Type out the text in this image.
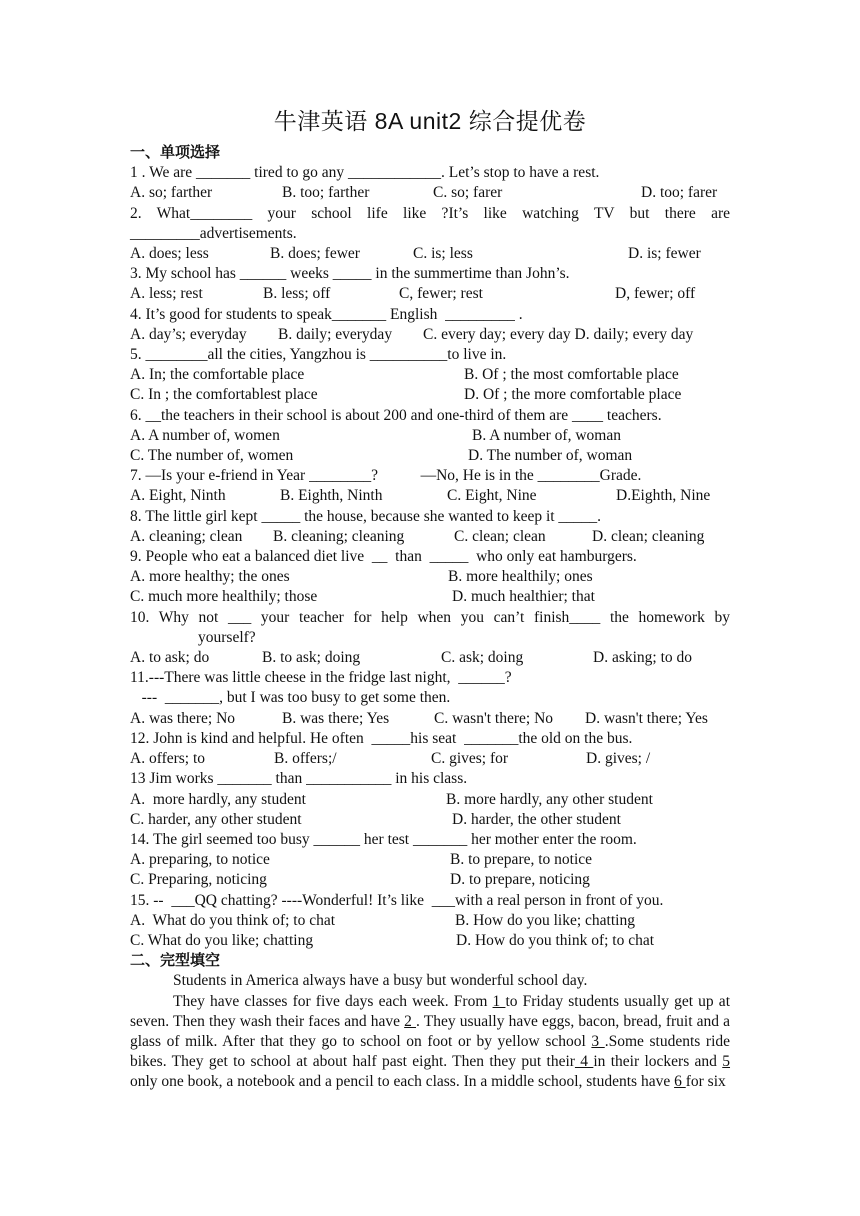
牛津英语 8A unit2 综合提优卷
一、单项选择
1 . We are _______ tired to go any ____________. Let’s stop to have a rest.
A. so; farther	B. too; farther	C. so; farer	D. too; farer
2. What________ your school life like ?It’s like watching TV but there are
_________advertisements.
A. does; less	B. does; fewer	C. is; less	D. is; fewer
3. My school has ______ weeks _____ in the summertime than John’s.
A. less; rest	B. less; off	C, fewer; rest	D, fewer; off
4. It’s good for students to speak_______ English  _________ .
A. day’s; everyday	B. daily; everyday	C. every day; every day D. daily; every day
5. ________all the cities, Yangzhou is __________to live in.
A. In; the comfortable place	B. Of ; the most comfortable place
C. In ; the comfortablest place	D. Of ; the more comfortable place
6. __the teachers in their school is about 200 and one-third of them are ____ teachers.
A. A number of, women	B. A number of, woman
C. The number of, women	D. The number of, woman
7. —Is your e-friend in Year ________?           —No, He is in the ________Grade.
A. Eight, Ninth	B. Eighth, Ninth	C. Eight, Nine	D.Eighth, Nine
8. The little girl kept _____ the house, because she wanted to keep it _____.
A. cleaning; clean	B. cleaning; cleaning	C. clean; clean	D. clean; cleaning
9. People who eat a balanced diet live  __  than  _____  who only eat hamburgers.
A. more healthy; the ones	B. more healthily; ones
C. much more healthily; those	D. much healthier; that
10. Why not ___ your teacher for help when you can’t finish____ the homework by
yourself?
A. to ask; do	B. to ask; doing	C. ask; doing	D. asking; to do
11.---There was little cheese in the fridge last night,  ______?
---  _______, but I was too busy to get some then.
A. was there; No	B. was there; Yes	C. wasn't there; No	D. wasn't there; Yes
12. John is kind and helpful. He often  _____his seat  _______the old on the bus.
A. offers; to	B. offers;/	C. gives; for	D. gives; /
13 Jim works _______ than ___________ in his class.
A.  more hardly, any student	B. more hardly, any other student
C. harder, any other student	D. harder, the other student
14. The girl seemed too busy ______ her test _______ her mother enter the room.
A. preparing, to notice	B. to prepare, to notice
C. Preparing, noticing	D. to prepare, noticing
15. --  ___QQ chatting? ----Wonderful! It’s like  ___with a real person in front of you.
A.  What do you think of; to chat	B. How do you like; chatting
C. What do you like; chatting	D. How do you think of; to chat
二、完型填空

Students in America always have a busy but wonderful school day.

They have classes for five days each week. From 1 to Friday students usually get up at seven. Then they wash their faces and have 2 . They usually have eggs, bacon, bread, fruit and a glass of milk. After that they go to school on foot or by yellow school 3 .Some students ride bikes. They get to school at about half past eight. Then they put their 4 in their lockers and 5 only one book, a notebook and a pencil to each class. In a middle school, students have 6 for six
